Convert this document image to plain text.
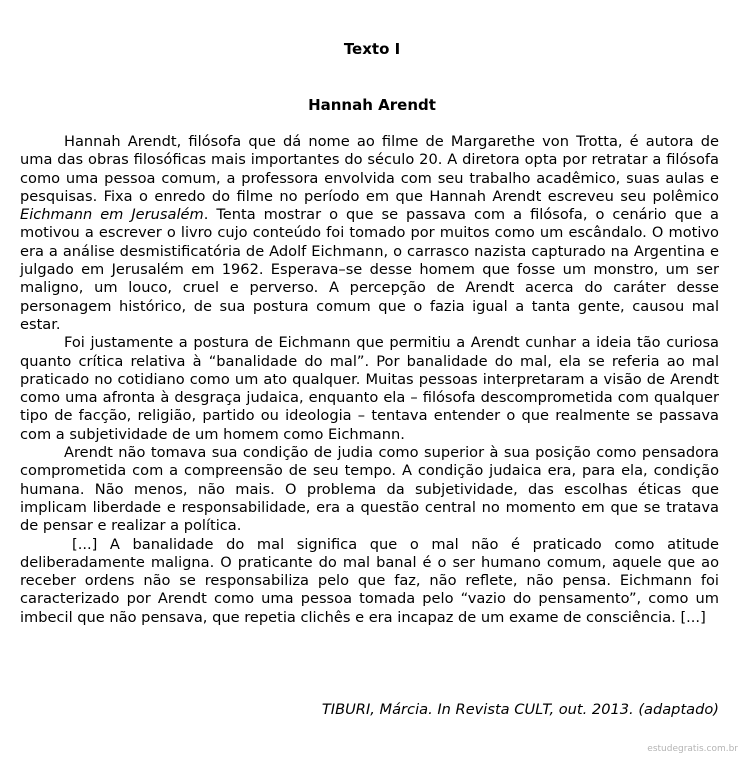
Texto I
Hannah Arendt

Hannah Arendt, filósofa que dá nome ao filme de Margarethe von Trotta, é autora de uma das obras filosóficas mais importantes do século 20. A diretora opta por retratar a filósofa como uma pessoa comum, a professora envolvida com seu trabalho acadêmico, suas aulas e pesquisas. Fixa o enredo do filme no período em que Hannah Arendt escreveu seu polêmico Eichmann em Jerusalém. Tenta mostrar o que se passava com a filósofa, o cenário que a motivou a escrever o livro cujo conteúdo foi tomado por muitos como um escândalo. O motivo era a análise desmistificatória de Adolf Eichmann, o carrasco nazista capturado na Argentina e julgado em Jerusalém em 1962. Esperava–se desse homem que fosse um monstro, um ser maligno, um louco, cruel e perverso. A percepção de Arendt acerca do caráter desse personagem histórico, de sua postura comum que o fazia igual a tanta gente, causou mal estar.

Foi justamente a postura de Eichmann que permitiu a Arendt cunhar a ideia tão curiosa quanto crítica relativa à “banalidade do mal”. Por banalidade do mal, ela se referia ao mal praticado no cotidiano como um ato qualquer. Muitas pessoas interpretaram a visão de Arendt como uma afronta à desgraça judaica, enquanto ela – filósofa descomprometida com qualquer tipo de facção, religião, partido ou ideologia – tentava entender o que realmente se passava com a subjetividade de um homem como Eichmann.

Arendt não tomava sua condição de judia como superior à sua posição como pensadora comprometida com a compreensão de seu tempo. A condição judaica era, para ela, condição humana. Não menos, não mais. O problema da subjetividade, das escolhas éticas que implicam liberdade e responsabilidade, era a questão central no momento em que se tratava de pensar e realizar a política.

[...] A banalidade do mal significa que o mal não é praticado como atitude deliberadamente maligna. O praticante do mal banal é o ser humano comum, aquele que ao receber ordens não se responsabiliza pelo que faz, não reflete, não pensa. Eichmann foi caracterizado por Arendt como uma pessoa tomada pelo “vazio do pensamento”, como um imbecil que não pensava, que repetia clichês e era incapaz de um exame de consciência. [...]

TIBURI, Márcia. In Revista CULT, out. 2013. (adaptado)

estudegratis.com.br
